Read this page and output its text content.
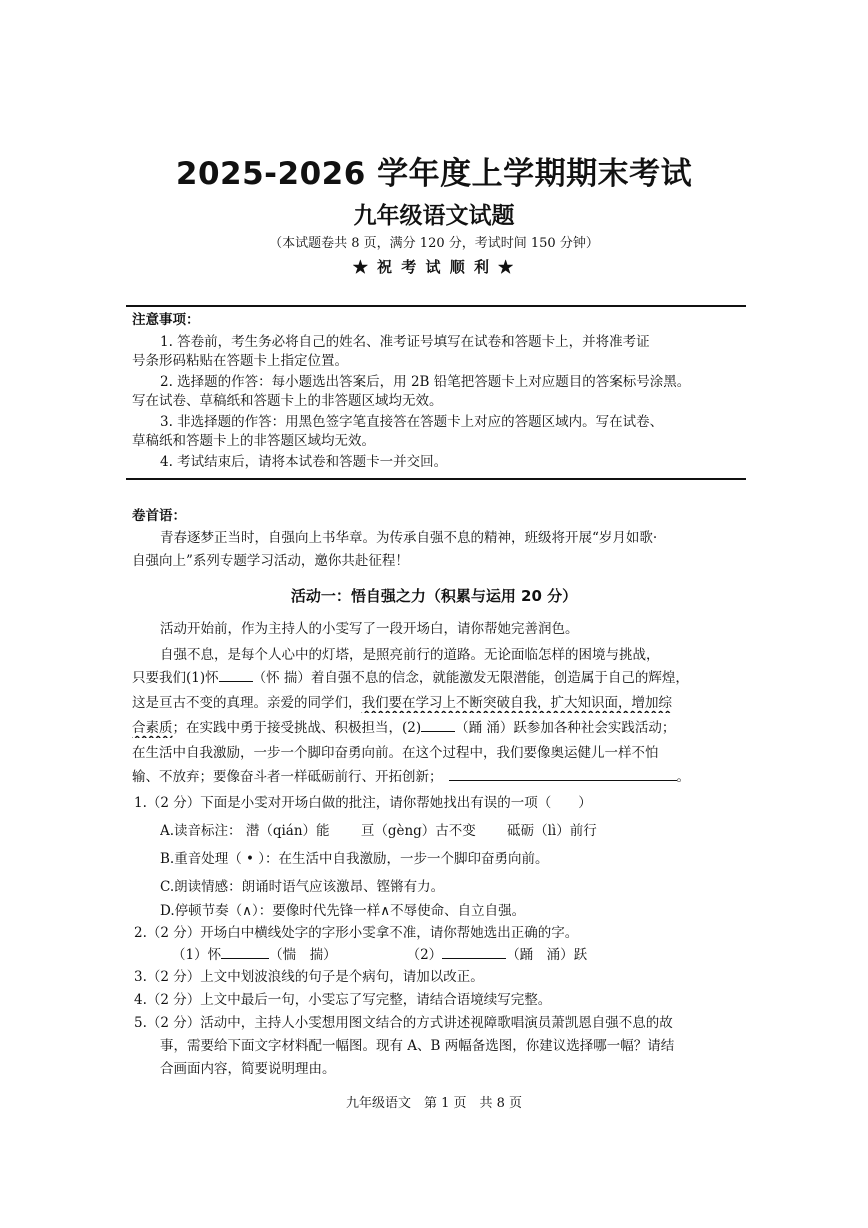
2025-2026 学年度上学期期末考试
九年级语文试题
（本试题卷共 8 页，满分 120 分，考试时间 150 分钟）
★ 祝 考 试 顺 利 ★
注意事项：
1. 答卷前，考生务必将自己的姓名、准考证号填写在试卷和答题卡上，并将准考证
号条形码粘贴在答题卡上指定位置。
2. 选择题的作答：每小题选出答案后，用 2B 铅笔把答题卡上对应题目的答案标号涂黑。
写在试卷、草稿纸和答题卡上的非答题区域均无效。
3. 非选择题的作答：用黑色签字笔直接答在答题卡上对应的答题区域内。写在试卷、
草稿纸和答题卡上的非答题区域均无效。
4. 考试结束后，请将本试卷和答题卡一并交回。
卷首语：
青春逐梦正当时，自强向上书华章。为传承自强不息的精神，班级将开展“岁月如歌·
自强向上”系列专题学习活动，邀你共赴征程！
活动一：悟自强之力（积累与运用 20 分）
活动开始前，作为主持人的小雯写了一段开场白，请你帮她完善润色。
自强不息，是每个人心中的灯塔，是照亮前行的道路。无论面临怎样的困境与挑战，
只要我们(1)怀	（怀 揣）着自强不息的信念，就能激发无限潜能，创造属于自己的辉煌，
这是亘古不变的真理。亲爱的同学们，我们要在学习上不断突破自我，扩大知识面，增加综
合素质；在实践中勇于接受挑战、积极担当，(2)	（踊 涌）跃参加各种社会实践活动；
在生活中自我激励，一步一个脚印奋勇向前。在这个过程中，我们要像奥运健儿一样不怕
输、不放弃；要像奋斗者一样砥砺前行、开拓创新；	。
1.（2 分）下面是小雯对开场白做的批注，请你帮她找出有误的一项（　　）
A.读音标注： 潜（qián）能　　 亘（gèng）古不变　　 砥砺（lì）前行
B.重音处理（ • ）：在生活中自我激励，一步一个脚印奋勇向前。
C.朗读情感：朗诵时语气应该激昂、铿锵有力。
D.停顿节奏（∧）：要像时代先锋一样∧不辱使命、自立自强。
2.（2 分）开场白中横线处字的字形小雯拿不准，请你帮她选出正确的字。
（1）怀	（惴　揣）	（2）	（踊　涌）跃
3.（2 分）上文中划波浪线的句子是个病句，请加以改正。
4.（2 分）上文中最后一句，小雯忘了写完整，请结合语境续写完整。
5.（2 分）活动中，主持人小雯想用图文结合的方式讲述视障歌唱演员萧凯恩自强不息的故
事，需要给下面文字材料配一幅图。现有 A、B 两幅备选图，你建议选择哪一幅？请结
合画面内容，简要说明理由。
九年级语文　第 1 页　共 8 页
